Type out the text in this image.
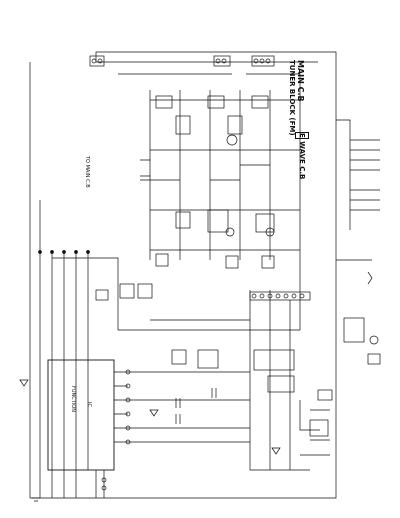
MAIN C.B
TUNER BLOCK (FM) E WAVE C.B
TO MAIN C.B
FUNCTION IC
